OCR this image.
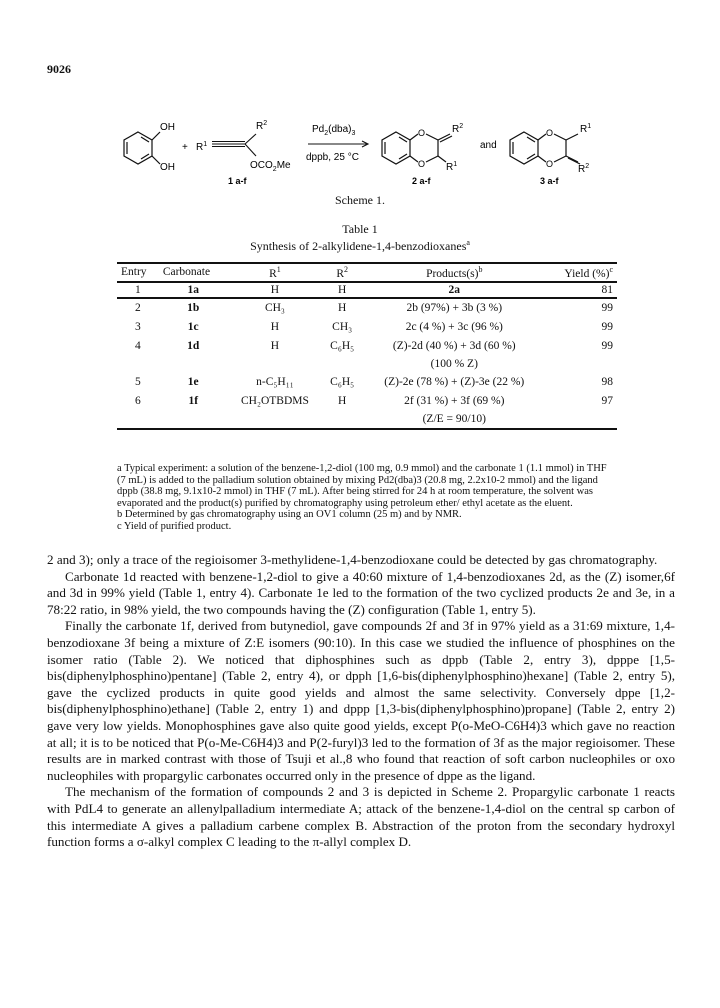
9026
OH
OH
+ $R^1$
$R^2$
$OCO_2Me$
$Pd_2(dba)_3$
dppb, 25 °C
O
O
$R^2$
$R^1$
and
O
O
$R^1$
$R^2$
1 a-f	2 a-f	3 a-f
Scheme 1.
Table 1
Synthesis of 2-alkylidene-1,4-benzodioxanes$^a$
Entry	Carbonate	$R^1$	$R^2$	$Products(s)^b$	Yield (%)$^c$
1	1a	H	H	2a	81
2	1b	CH₃	H	2b (97%) + 3b (3 %)	99
3	1c	H	CH₃	2c (4 %) + 3c (96 %)	99
4	1d	H	C₆H₅	(Z)-2d (40 %) + 3d (60 %)	99
				(100 % Z)	
5	1e	n-C₅H₁₁	C₆H₅	(Z)-2e (78 %) + (Z)-3e (22 %)	98
6	1f	CH₂OTBDMS	H	2f (31 %) + 3f (69 %)	97
				(Z/E = 90/10)	

a Typical experiment: a solution of the benzene-1,2-diol (100 mg, 0.9 mmol) and the carbonate 1 (1.1 mmol) in THF (7 mL) is added to the palladium solution obtained by mixing Pd2(dba)3 (20.8 mg, 2.2x10-2 mmol) and the ligand dppb (38.8 mg, 9.1x10-2 mmol) in THF (7 mL). After being stirred for 24 h at room temperature, the solvent was evaporated and the product(s) purified by chromatography using petroleum ether/ ethyl acetate as the eluent.

b Determined by gas chromatography using an OV1 column (25 m) and by NMR.

c Yield of purified product.

2 and 3); only a trace of the regioisomer 3-methylidene-1,4-benzodioxane could be detected by gas chromatography.

Carbonate 1d reacted with benzene-1,2-diol to give a 40:60 mixture of 1,4-benzodioxanes 2d, as the (Z) isomer,6f and 3d in 99% yield (Table 1, entry 4). Carbonate 1e led to the formation of the two cyclized products 2e and 3e, in a 78:22 ratio, in 98% yield, the two compounds having the (Z) configuration (Table 1, entry 5).

Finally the carbonate 1f, derived from butynediol, gave compounds 2f and 3f in 97% yield as a 31:69 mixture, 1,4-benzodioxane 3f being a mixture of Z:E isomers (90:10). In this case we studied the influence of phosphines on the isomer ratio (Table 2). We noticed that diphosphines such as dppb (Table 2, entry 3), dpppe [1,5-bis(diphenylphosphino)pentane] (Table 2, entry 4), or dpph [1,6-bis(diphenylphosphino)hexane] (Table 2, entry 5), gave the cyclized products in quite good yields and almost the same selectivity. Conversely dppe [1,2-bis(diphenylphosphino)ethane] (Table 2, entry 1) and dppp [1,3-bis(diphenylphosphino)propane] (Table 2, entry 2) gave very low yields. Monophosphines gave also quite good yields, except P(o-MeO-C6H4)3 which gave no reaction at all; it is to be noticed that P(o-Me-C6H4)3 and P(2-furyl)3 led to the formation of 3f as the major regioisomer. These results are in marked contrast with those of Tsuji et al.,8 who found that reaction of soft carbon nucleophiles or oxo nucleophiles with propargylic carbonates occurred only in the presence of dppe as the ligand.

The mechanism of the formation of compounds 2 and 3 is depicted in Scheme 2. Propargylic carbonate 1 reacts with PdL4 to generate an allenylpalladium intermediate A; attack of the benzene-1,4-diol on the central sp carbon of this intermediate A gives a palladium carbene complex B. Abstraction of the proton from the secondary hydroxyl function forms a σ-alkyl complex C leading to the π-allyl complex D.
